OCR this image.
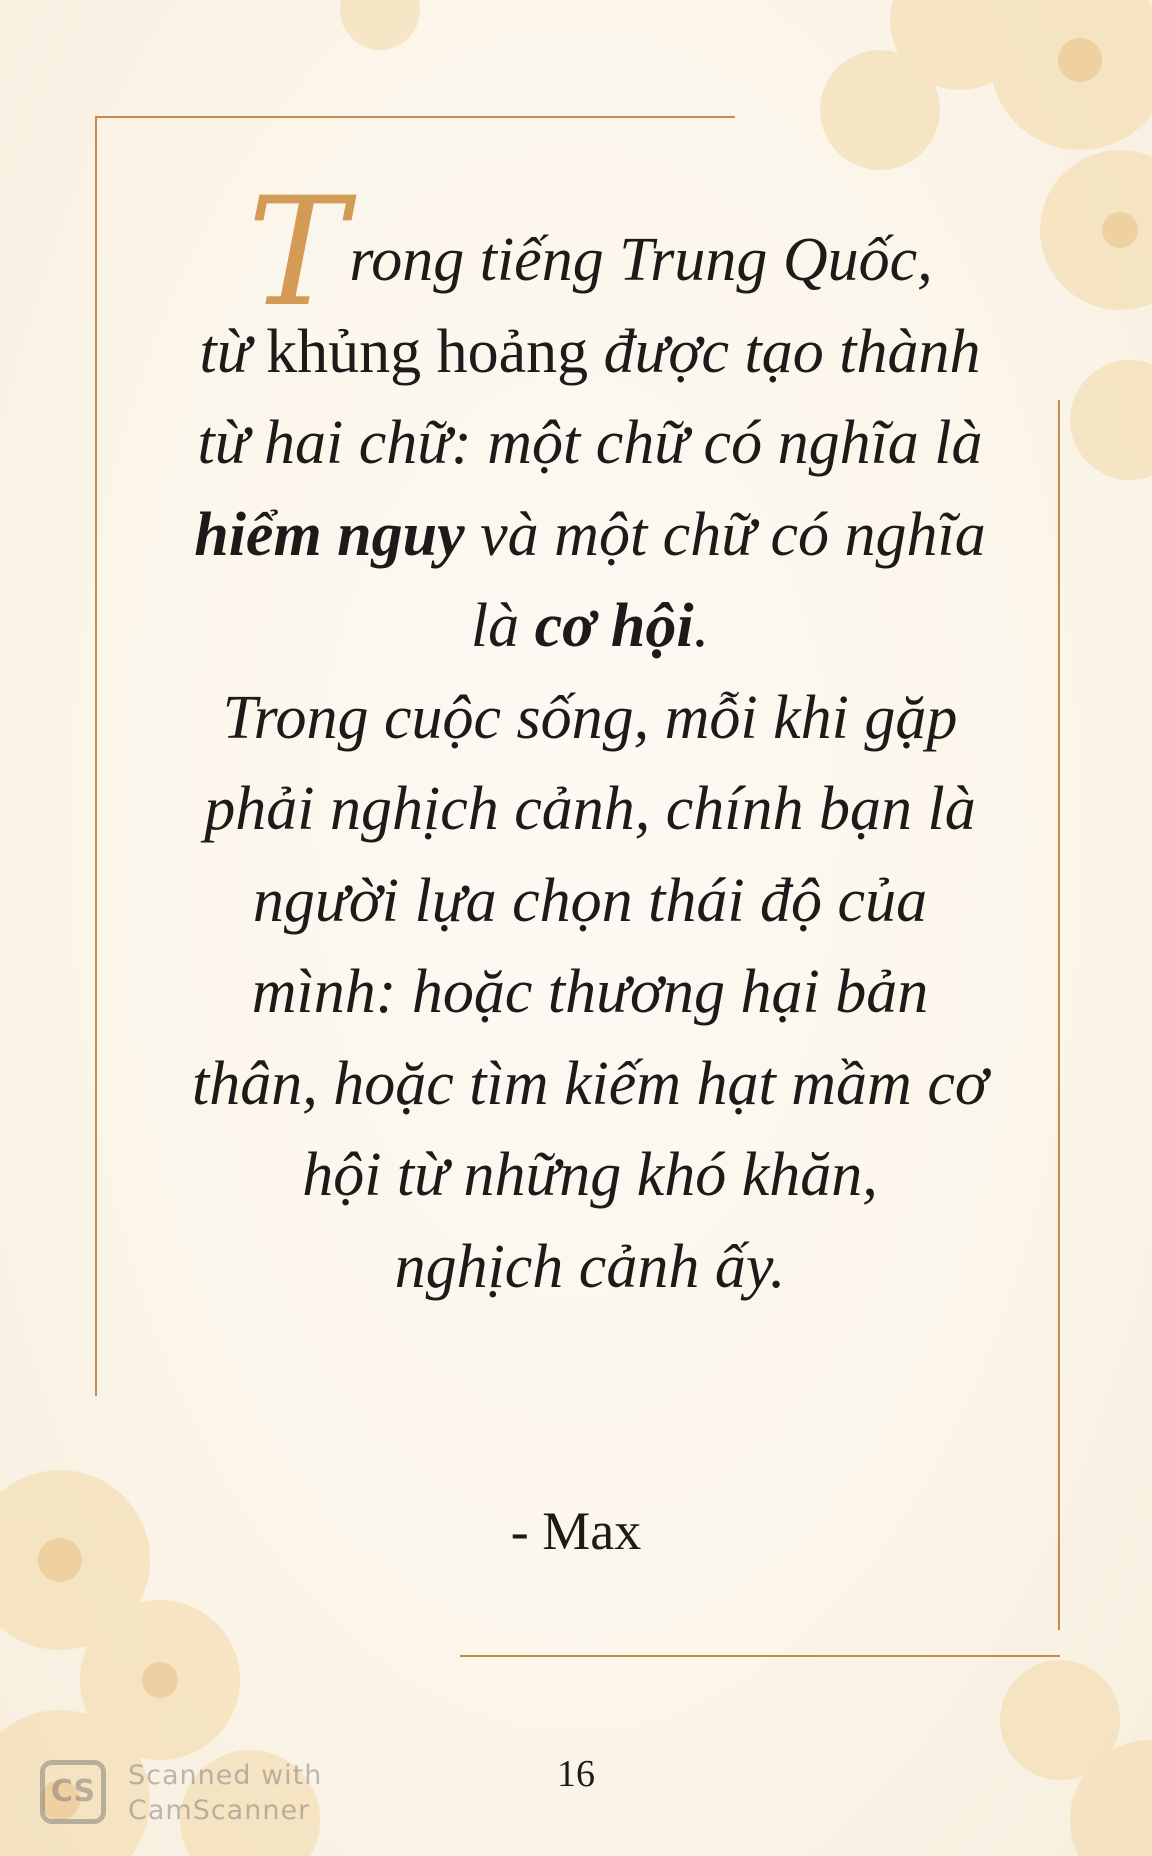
Trong tiếng Trung Quốc,
từ khủng hoảng được tạo thành
từ hai chữ: một chữ có nghĩa là
hiểm nguy và một chữ có nghĩa
là cơ hội.
Trong cuộc sống, mỗi khi gặp
phải nghịch cảnh, chính bạn là
người lựa chọn thái độ của
mình: hoặc thương hại bản
thân, hoặc tìm kiếm hạt mầm cơ
hội từ những khó khăn,
nghịch cảnh ấy.
- Max
16
CS	Scanned with
CamScanner
